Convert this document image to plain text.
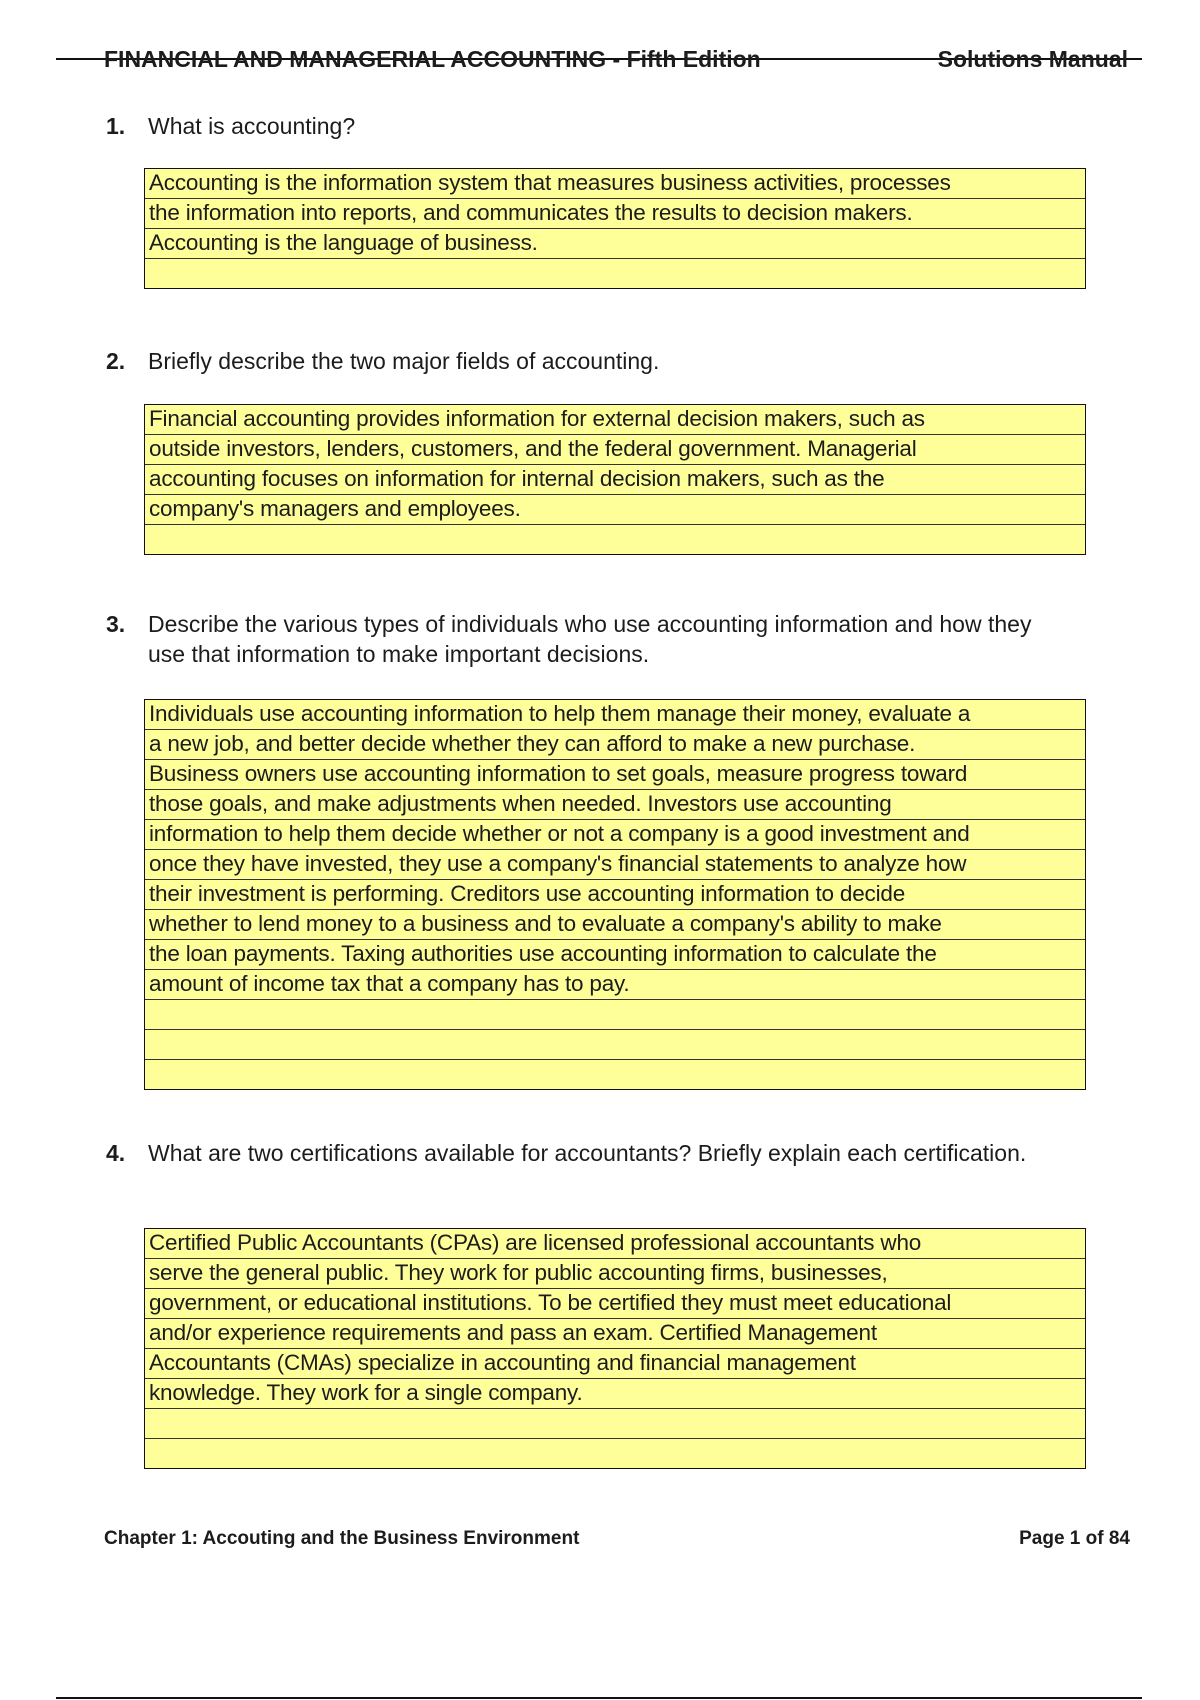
FINANCIAL AND MANAGERIAL ACCOUNTING - Fifth Edition	Solutions Manual
1. What is accounting?
Accounting is the information system that measures business activities, processes
the information into reports, and communicates the results to decision makers.
Accounting is the language of business.
2. Briefly describe the two major fields of accounting.
Financial accounting provides information for external decision makers, such as
outside investors, lenders, customers, and the federal government. Managerial
accounting focuses on information for internal decision makers, such as the
company's managers and employees.
3. Describe the various types of individuals who use accounting information and how they use that information to make important decisions.
Individuals use accounting information to help them manage their money, evaluate a
a new job, and better decide whether they can afford to make a new purchase.
Business owners use accounting information to set goals, measure progress toward
those goals, and make adjustments when needed. Investors use accounting
information to help them decide whether or not a company is a good investment and
once they have invested, they use a company's financial statements to analyze how
their investment is performing. Creditors use accounting information to decide
whether to lend money to a business and to evaluate a company's ability to make
the loan payments. Taxing authorities use accounting information to calculate the
amount of income tax that a company has to pay.
4. What are two certifications available for accountants? Briefly explain each certification.
Certified Public Accountants (CPAs) are licensed professional accountants who
serve the general public. They work for public accounting firms, businesses,
government, or educational institutions. To be certified they must meet educational
and/or experience requirements and pass an exam. Certified Management
Accountants (CMAs) specialize in accounting and financial management
knowledge. They work for a single company.
Chapter 1: Accouting and the Business Environment	Page 1 of 84
